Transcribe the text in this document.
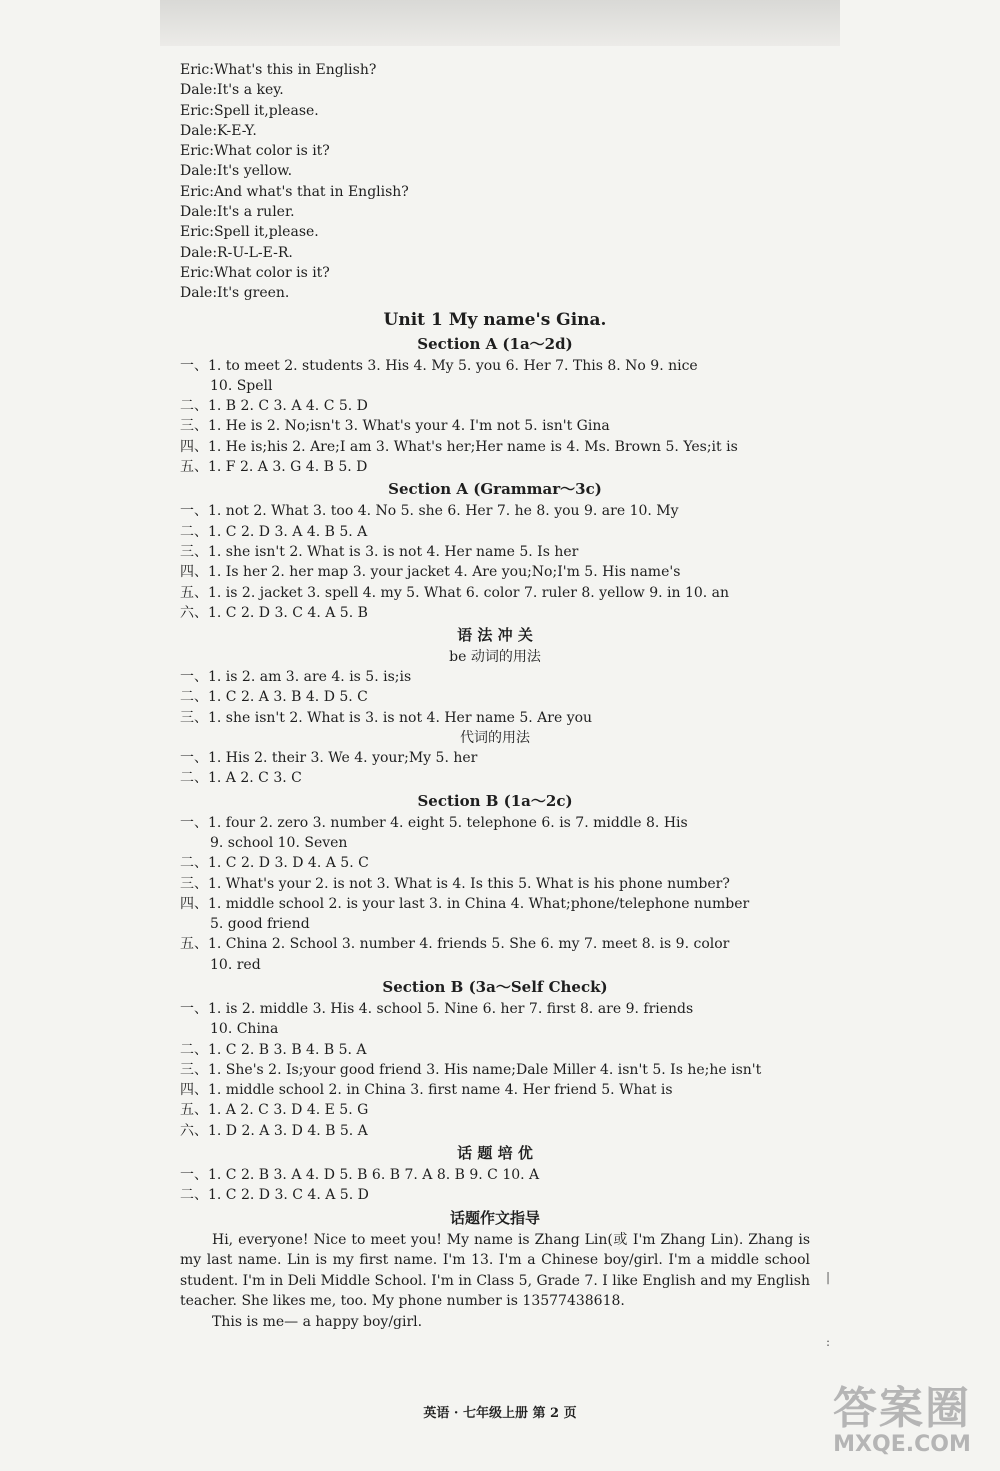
Eric:What's this in English?
Dale:It's a key.
Eric:Spell it,please.
Dale:K-E-Y.
Eric:What color is it?
Dale:It's yellow.
Eric:And what's that in English?
Dale:It's a ruler.
Eric:Spell it,please.
Dale:R-U-L-E-R.
Eric:What color is it?
Dale:It's green.
Unit 1 My name's Gina.
Section A (1a～2d)
一、1. to meet 2. students 3. His 4. My 5. you 6. Her 7. This 8. No 9. nice
10. Spell
二、1. B 2. C 3. A 4. C 5. D
三、1. He is 2. No;isn't 3. What's your 4. I'm not 5. isn't Gina
四、1. He is;his 2. Are;I am 3. What's her;Her name is 4. Ms. Brown 5. Yes;it is
五、1. F 2. A 3. G 4. B 5. D
Section A (Grammar～3c)
一、1. not 2. What 3. too 4. No 5. she 6. Her 7. he 8. you 9. are 10. My
二、1. C 2. D 3. A 4. B 5. A
三、1. she isn't 2. What is 3. is not 4. Her name 5. Is her
四、1. Is her 2. her map 3. your jacket 4. Are you;No;I'm 5. His name's
五、1. is 2. jacket 3. spell 4. my 5. What 6. color 7. ruler 8. yellow 9. in 10. an
六、1. C 2. D 3. C 4. A 5. B
语 法 冲 关
be 动词的用法
一、1. is 2. am 3. are 4. is 5. is;is
二、1. C 2. A 3. B 4. D 5. C
三、1. she isn't 2. What is 3. is not 4. Her name 5. Are you
代词的用法
一、1. His 2. their 3. We 4. your;My 5. her
二、1. A 2. C 3. C
Section B (1a～2c)
一、1. four 2. zero 3. number 4. eight 5. telephone 6. is 7. middle 8. His
9. school 10. Seven
二、1. C 2. D 3. D 4. A 5. C
三、1. What's your 2. is not 3. What is 4. Is this 5. What is his phone number?
四、1. middle school 2. is your last 3. in China 4. What;phone/telephone number
5. good friend
五、1. China 2. School 3. number 4. friends 5. She 6. my 7. meet 8. is 9. color
10. red
Section B (3a～Self Check)
一、1. is 2. middle 3. His 4. school 5. Nine 6. her 7. first 8. are 9. friends
10. China
二、1. C 2. B 3. B 4. B 5. A
三、1. She's 2. Is;your good friend 3. His name;Dale Miller 4. isn't 5. Is he;he isn't
四、1. middle school 2. in China 3. first name 4. Her friend 5. What is
五、1. A 2. C 3. D 4. E 5. G
六、1. D 2. A 3. D 4. B 5. A
话 题 培 优
一、1. C 2. B 3. A 4. D 5. B 6. B 7. A 8. B 9. C 10. A
二、1. C 2. D 3. C 4. A 5. D
话题作文指导
Hi, everyone! Nice to meet you! My name is Zhang Lin(或 I'm Zhang Lin). Zhang is my last name. Lin is my first name. I'm 13. I'm a Chinese boy/girl. I'm a middle school student. I'm in Deli Middle School. I'm in Class 5, Grade 7. I like English and my English teacher. She likes me, too. My phone number is 13577438618.
This is me— a happy boy/girl.
|
:
英语 · 七年级上册 第 2 页	答案圈
MXQE.COM
